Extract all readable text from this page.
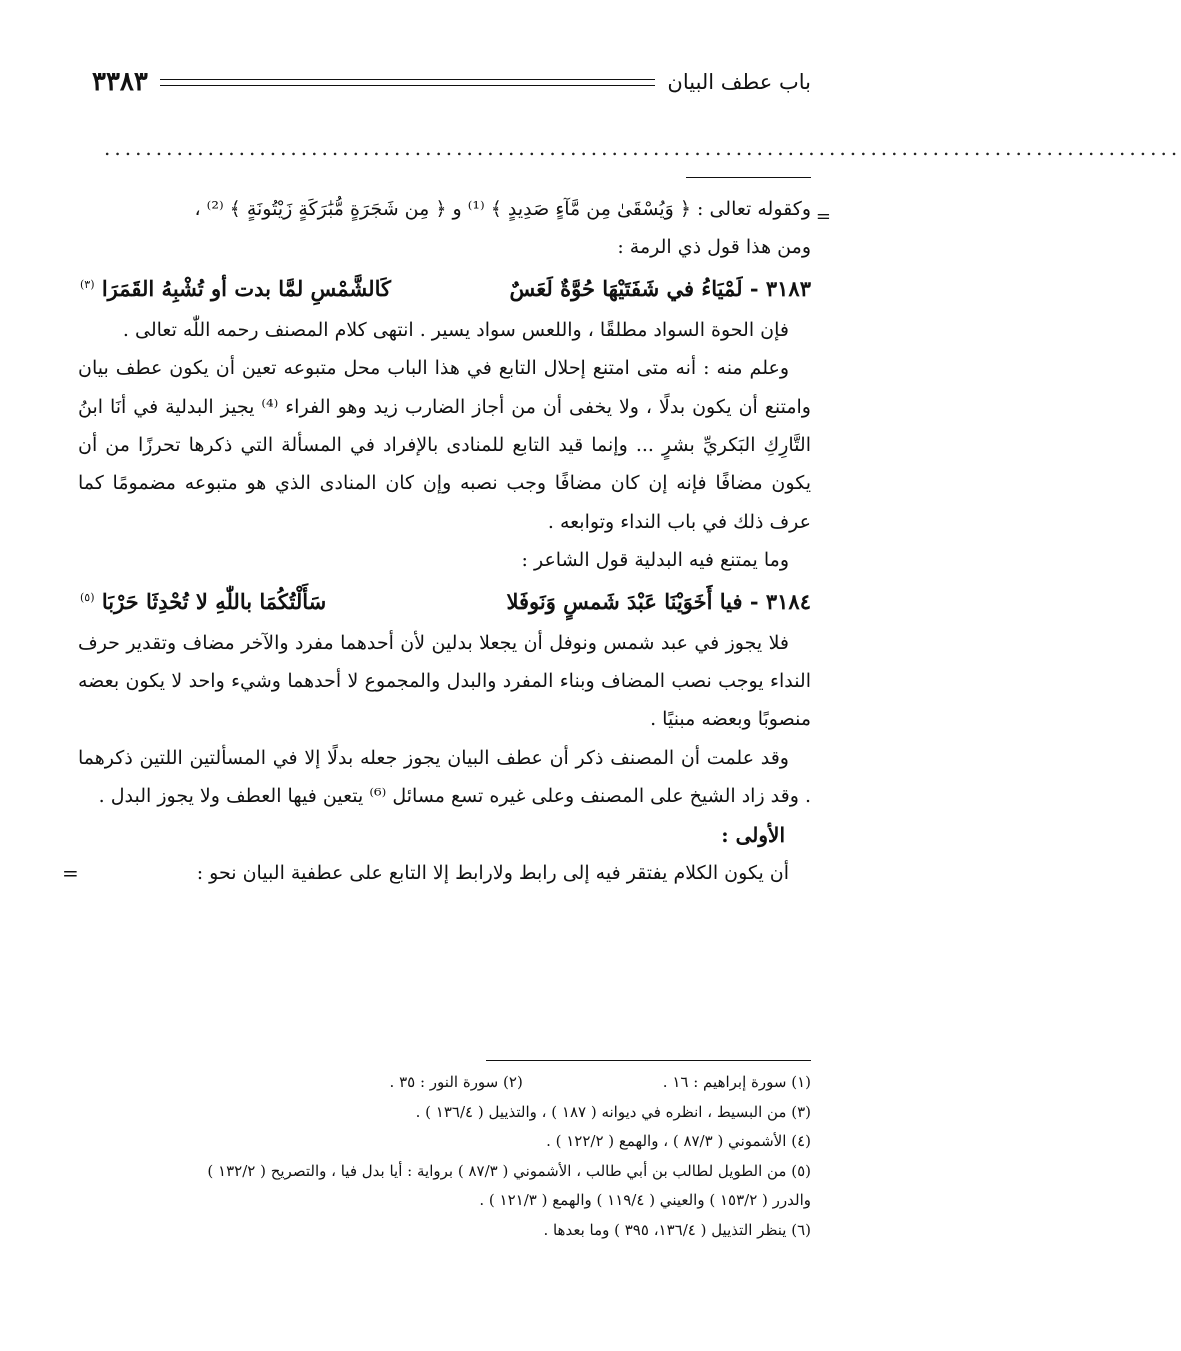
باب عطف البيان
٣٣٨٣
........................................................................................................
=

وكقوله تعالى : ﴿ وَيُسْقَىٰ مِن مَّآءٍ صَدِيدٍ ﴾ ⁽¹⁾ و ﴿ مِن شَجَرَةٍ مُّبَٰرَكَةٍ زَيْتُونَةٍ ﴾ ⁽²⁾ ،

ومن هذا قول ذي الرمة :

٣١٨٣ - لَمْيَاءُ في شَفَتَيْهَا حُوَّةٌ لَعَسٌ
كَالشَّمْسِ لمَّا بدت أو تُشْبِهُ القَمَرَا $^{(٣)}$

فإن الحوة السواد مطلقًا ، واللعس سواد يسير . انتهى كلام المصنف رحمه اللّٰه تعالى .

وعلم منه : أنه متى امتنع إحلال التابع في هذا الباب محل متبوعه تعين أن يكون عطف بيان وامتنع أن يكون بدلًا ، ولا يخفى أن من أجاز الضارب زيد وهو الفراء ⁽⁴⁾ يجيز البدلية في أنَا ابنُ التَّارِكِ البَكريِّ بشرٍ ... وإنما قيد التابع للمنادى بالإفراد في المسألة التي ذكرها تحرزًا من أن يكون مضافًا فإنه إن كان مضافًا وجب نصبه وإن كان المنادى الذي هو متبوعه مضمومًا كما عرف ذلك في باب النداء وتوابعه .

وما يمتنع فيه البدلية قول الشاعر :

٣١٨٤ - فيا أَخَوَيْنَا عَبْدَ شَمسٍ وَنَوفَلا
سَأَلْتُكُمَا باللّٰهِ لا تُحْدِثَا حَرْبَا $^{(٥)}$

فلا يجوز في عبد شمس ونوفل أن يجعلا بدلين لأن أحدهما مفرد والآخر مضاف وتقدير حرف النداء يوجب نصب المضاف وبناء المفرد والبدل والمجموع لا أحدهما وشيء واحد لا يكون بعضه منصوبًا وبعضه مبنيًا .

وقد علمت أن المصنف ذكر أن عطف البيان يجوز جعله بدلًا إلا في المسألتين اللتين ذكرهما . وقد زاد الشيخ على المصنف وعلى غيره تسع مسائل ⁽⁶⁾ يتعين فيها العطف ولا يجوز البدل .

الأولى :

أن يكون الكلام يفتقر فيه إلى رابط ولارابط إلا التابع على عطفية البيان نحو :
=

(١) سورة إبراهيم : ١٦ .
(٢) سورة النور : ٣٥ .
(٣) من البسيط ، انظره في ديوانه ( ١٨٧ ) ، والتذييل ( ١٣٦/٤ ) .
(٤) الأشموني ( ٨٧/٣ ) ، والهمع ( ١٢٢/٢ ) .
(٥) من الطويل لطالب بن أبي طالب ، الأشموني ( ٨٧/٣ ) برواية : أيا بدل فيا ، والتصريح ( ١٣٢/٢ )
والدرر ( ١٥٣/٢ ) والعيني ( ١١٩/٤ ) والهمع ( ١٢١/٣ ) .
(٦) ينظر التذييل ( ١٣٦/٤، ٣٩٥ ) وما بعدها .
